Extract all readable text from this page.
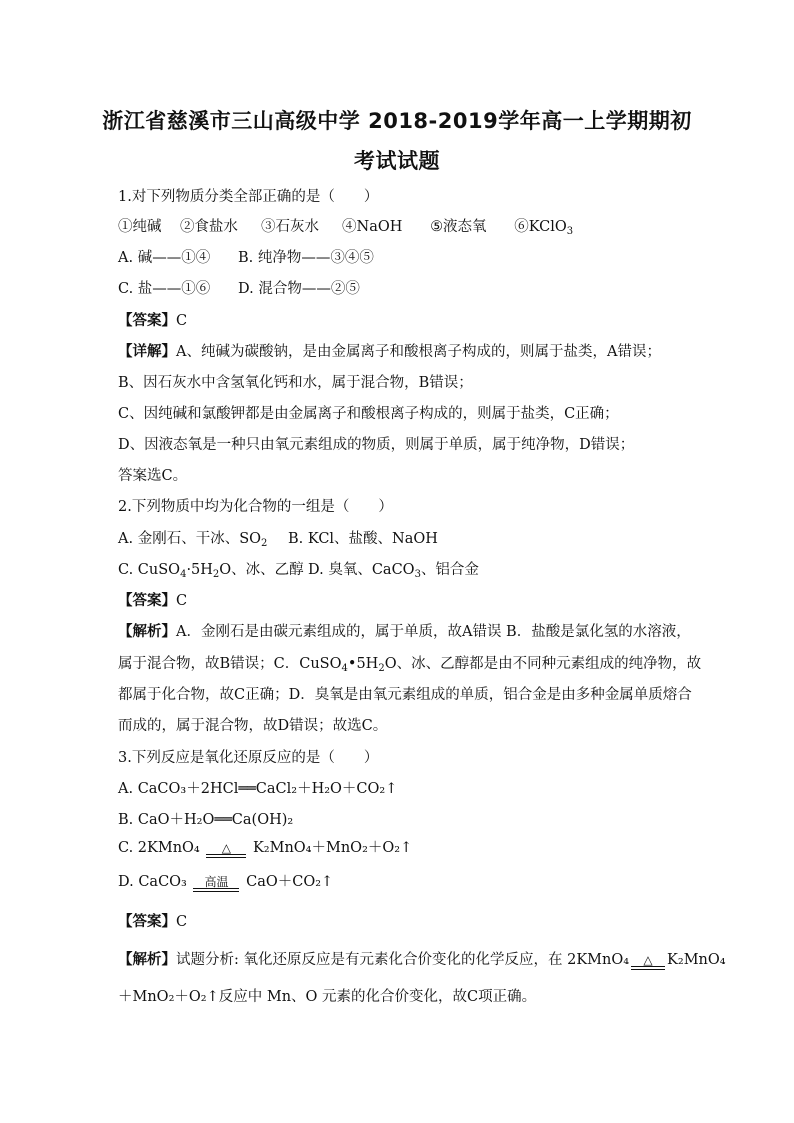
浙江省慈溪市三山高级中学 2018-2019学年高一上学期期初
考试试题
1.对下列物质分类全部正确的是（　　）
①纯碱 ②食盐水 ③石灰水 ④NaOH ⑤液态氧 ⑥KClO$_3$
A. 碱——①④ B. 纯净物——③④⑤
C. 盐——①⑥ D. 混合物——②⑤
【答案】C
【详解】A、纯碱为碳酸钠，是由金属离子和酸根离子构成的，则属于盐类，A错误；
B、因石灰水中含氢氧化钙和水，属于混合物，B错误；
C、因纯碱和氯酸钾都是由金属离子和酸根离子构成的，则属于盐类，C正确；
D、因液态氧是一种只由氧元素组成的物质，则属于单质，属于纯净物，D错误；
答案选C。
2.下列物质中均为化合物的一组是（　　）
A. 金刚石、干冰、$SO_2$ B. KCl、盐酸、NaOH
C. $CuSO_4\cdot 5H_2O$、冰、乙醇 D. 臭氧、CaCO$_3$、铝合金
【答案】C
【解析】A．金刚石是由碳元素组成的，属于单质，故A错误 B．盐酸是氯化氢的水溶液，
属于混合物，故B错误；C．$CuSO_4•5H_2O$、冰、乙醇都是由不同种元素组成的纯净物，故
都属于化合物，故C正确；D．臭氧是由氧元素组成的单质，铝合金是由多种金属单质熔合
而成的，属于混合物，故D错误；故选C。
3.下列反应是氧化还原反应的是（　　）
A. CaCO₃＋2HCl══CaCl₂＋H₂O＋CO₂↑
B. CaO＋H₂O══Ca(OH)₂
C. 2KMnO₄	△	K₂MnO₄＋MnO₂＋O₂↑
D. CaCO₃	高温	CaO＋CO₂↑
【答案】C
【解析】试题分析: 氧化还原反应是有元素化合价变化的化学反应，在 2KMnO₄	△ K₂MnO₄
＋MnO₂＋O₂↑反应中 Mn、O 元素的化合价变化，故C项正确。
